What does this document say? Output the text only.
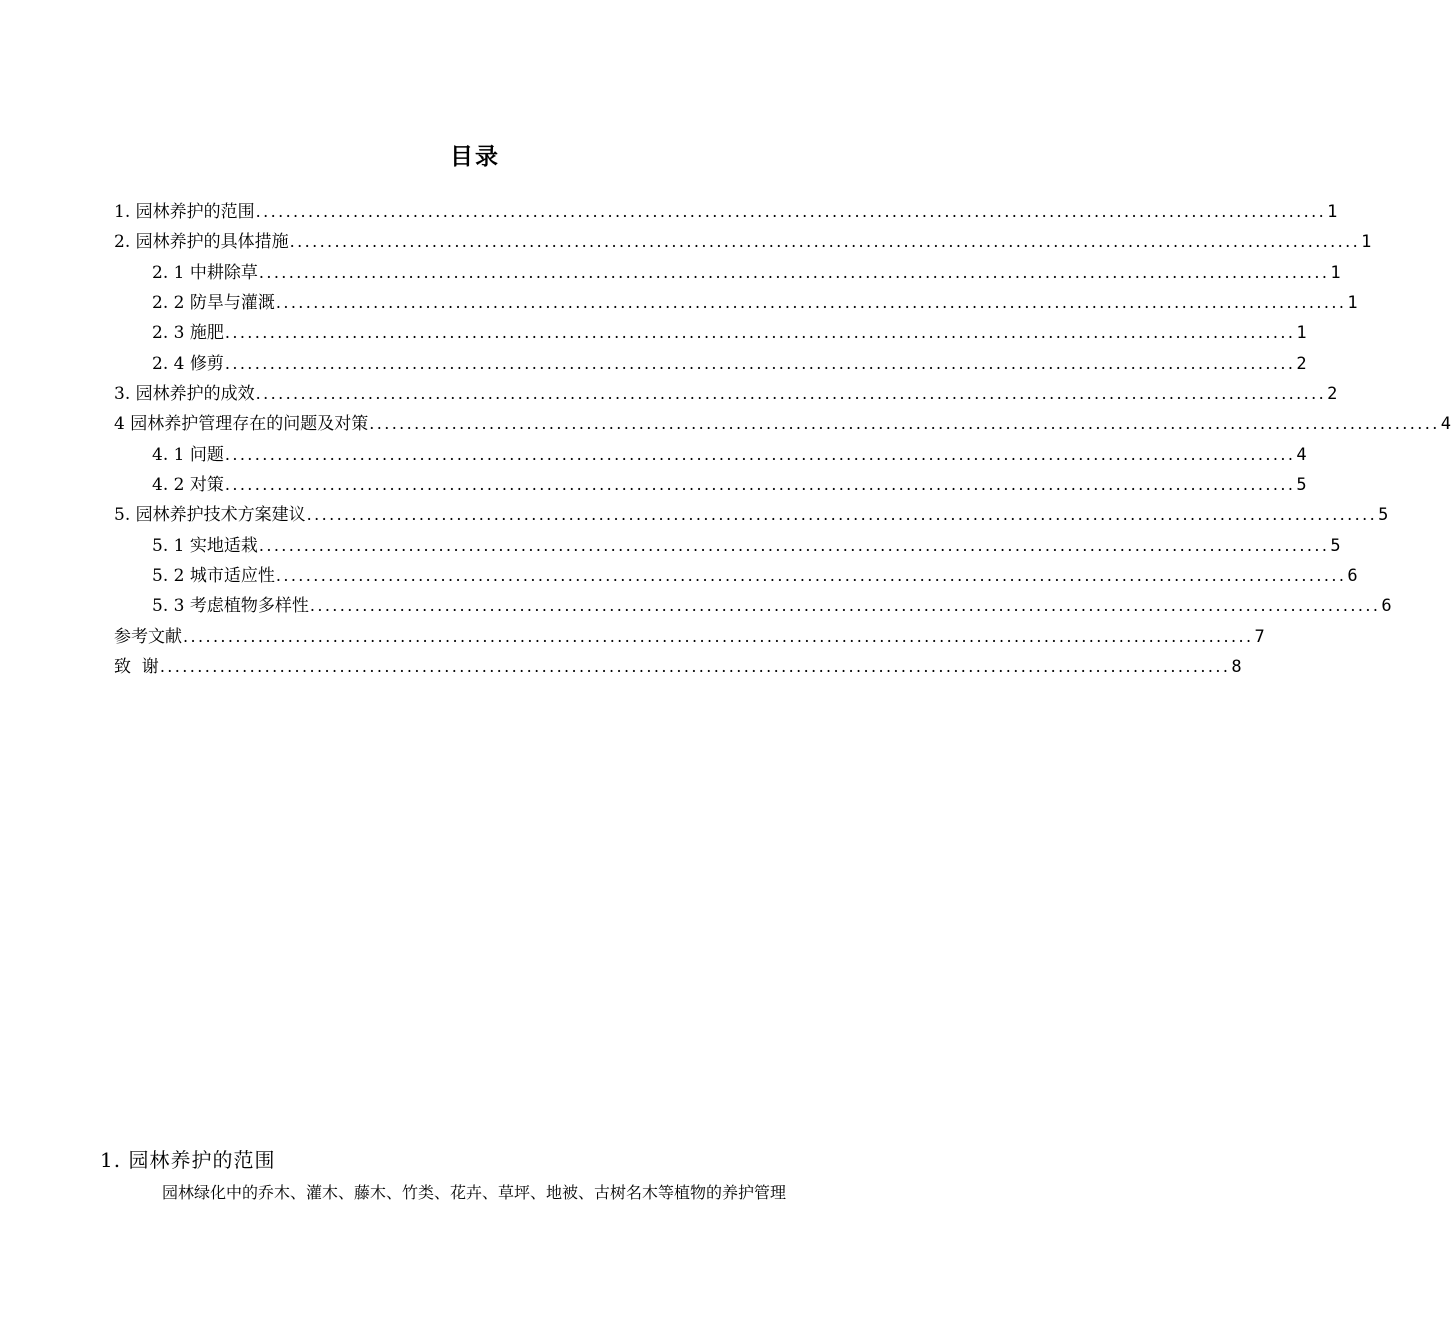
目录
1. 园林养护的范围 ............................................................................................................................................... 1
2. 园林养护的具体措施 ............................................................................................................................................... 1
2. 1 中耕除草 ............................................................................................................................................... 1
2. 2 防旱与灌溉 ............................................................................................................................................... 1
2. 3 施肥 ............................................................................................................................................... 1
2. 4 修剪 ............................................................................................................................................... 2
3. 园林养护的成效 ............................................................................................................................................... 2
4 园林养护管理存在的问题及对策 ............................................................................................................................................... 4
4. 1 问题 ............................................................................................................................................... 4
4. 2 对策 ............................................................................................................................................... 5
5. 园林养护技术方案建议 ............................................................................................................................................... 5
5. 1 实地适栽 ............................................................................................................................................... 5
5. 2 城市适应性 ............................................................................................................................................... 6
5. 3 考虑植物多样性 ............................................................................................................................................... 6
参考文献 ............................................................................................................................................... 7
致  谢 ............................................................................................................................................... 8
1. 园林养护的范围
园林绿化中的乔木、灌木、藤木、竹类、花卉、草坪、地被、古树名木等植物的养护管理
